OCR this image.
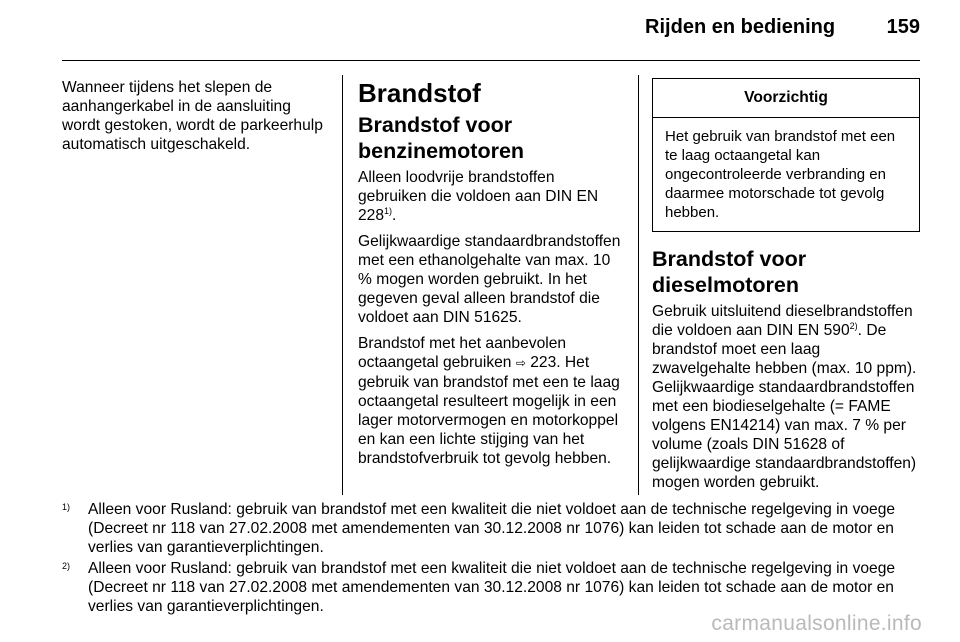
Rijden en bediening	159

Wanneer tijdens het slepen de aanhangerkabel in de aansluiting wordt gestoken, wordt de parkeerhulp automatisch uitgeschakeld.

Brandstof
Brandstof voor benzinemotoren

Alleen loodvrije brandstoffen gebruiken die voldoen aan DIN EN 228$^{1)}$.

Gelijkwaardige standaardbrandstoffen met een ethanolgehalte van max. 10 % mogen worden gebruikt. In het gegeven geval alleen brandstof die voldoet aan DIN 51625.

Brandstof met het aanbevolen octaangetal gebruiken ⇨ 223. Het gebruik van brandstof met een te laag octaangetal resulteert mogelijk in een lager motorvermogen en motorkoppel en kan een lichte stijging van het brandstofverbruik tot gevolg hebben.

Voorzichtig
Het gebruik van brandstof met een te laag octaangetal kan ongecontroleerde verbranding en daarmee motorschade tot gevolg hebben.
Brandstof voor dieselmotoren

Gebruik uitsluitend dieselbrandstoffen die voldoen aan DIN EN 590$^{2)}$. De brandstof moet een laag zwavelgehalte hebben (max. 10 ppm). Gelijkwaardige standaardbrandstoffen met een biodieselgehalte (= FAME volgens EN14214) van max. 7 % per volume (zoals DIN 51628 of gelijkwaardige standaardbrandstoffen) mogen worden gebruikt.

1) Alleen voor Rusland: gebruik van brandstof met een kwaliteit die niet voldoet aan de technische regelgeving in voege (Decreet nr 118 van 27.02.2008 met amendementen van 30.12.2008 nr 1076) kan leiden tot schade aan de motor en verlies van garantieverplichtingen.
2) Alleen voor Rusland: gebruik van brandstof met een kwaliteit die niet voldoet aan de technische regelgeving in voege (Decreet nr 118 van 27.02.2008 met amendementen van 30.12.2008 nr 1076) kan leiden tot schade aan de motor en verlies van garantieverplichtingen.
carmanualsonline.info
